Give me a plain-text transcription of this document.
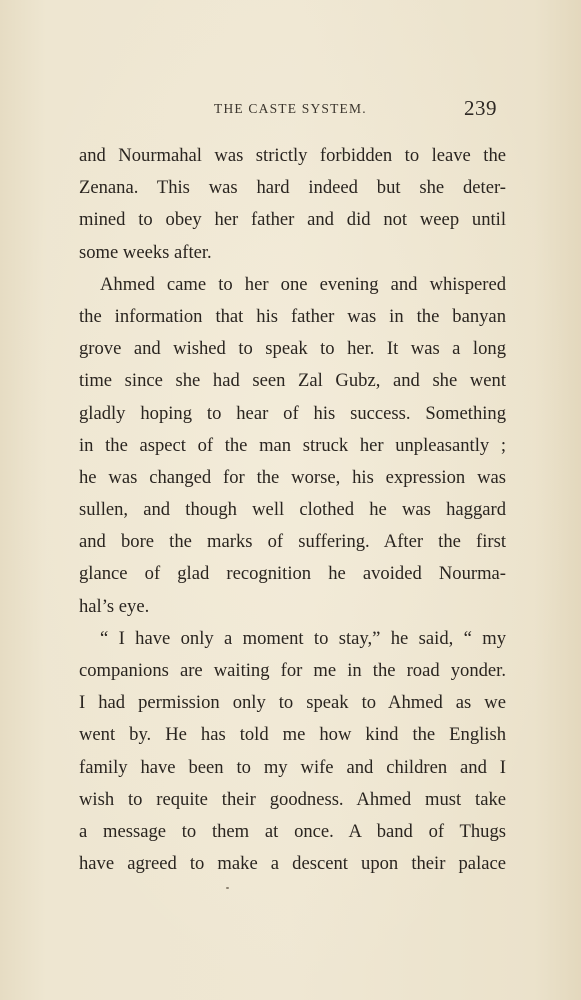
THE CASTE SYSTEM.	239

and Nourmahal was strictly forbidden to leave the
Zenana. This was hard indeed but she deter-
mined to obey her father and did not weep until
some weeks after.

Ahmed came to her one evening and whispered
the information that his father was in the banyan
grove and wished to speak to her. It was a long
time since she had seen Zal Gubz, and she went
gladly hoping to hear of his success. Something
in the aspect of the man struck her unpleasantly ;
he was changed for the worse, his expression was
sullen, and though well clothed he was haggard
and bore the marks of suffering. After the first
glance of glad recognition he avoided Nourma-
hal’s eye.

“ I have only a moment to stay,” he said, “ my
companions are waiting for me in the road yonder.
I had permission only to speak to Ahmed as we
went by. He has told me how kind the English
family have been to my wife and children and I
wish to requite their goodness. Ahmed must take
a message to them at once. A band of Thugs
have agreed to make a descent upon their palace
